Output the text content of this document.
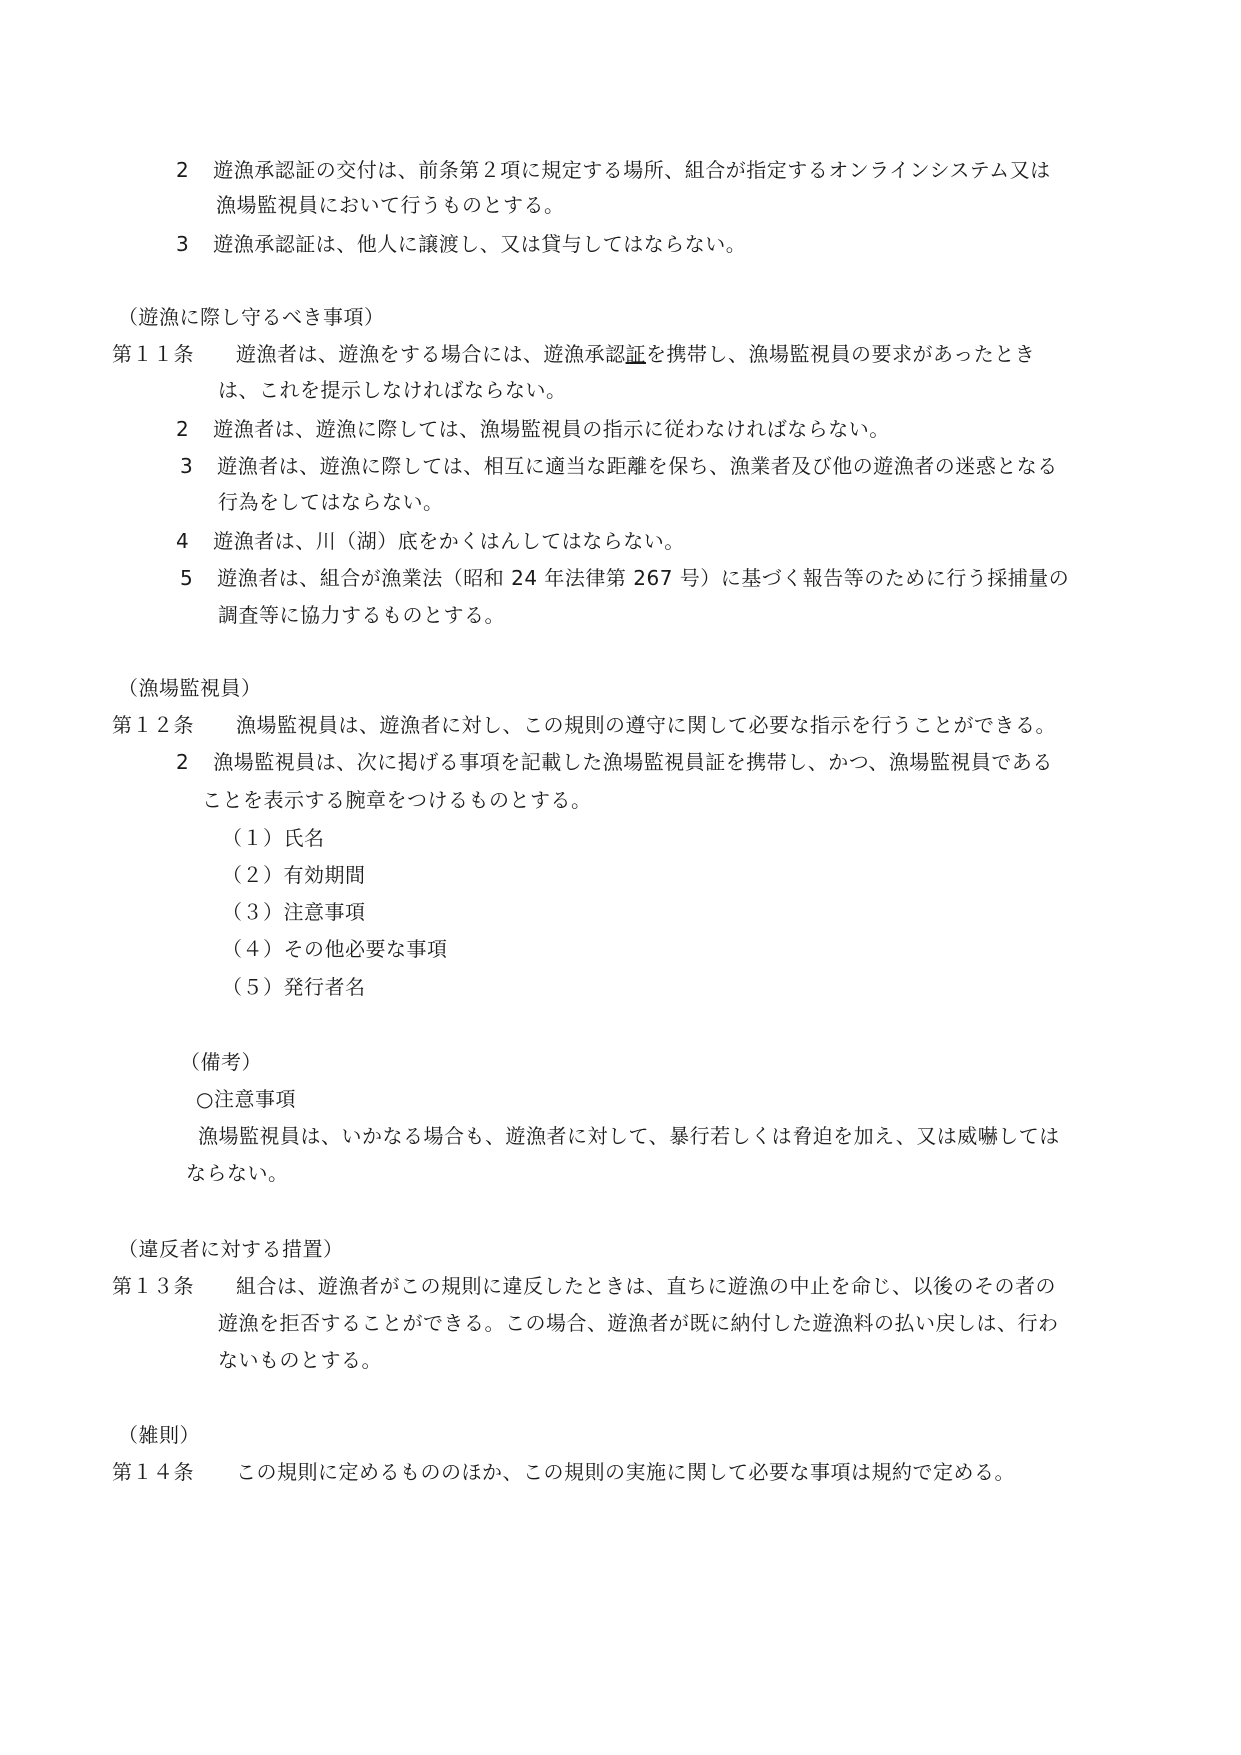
2 遊漁承認証の交付は、前条第２項に規定する場所、組合が指定するオンラインシステム又は
漁場監視員において行うものとする。
3 遊漁承認証は、他人に譲渡し、又は貸与してはならない。
（遊漁に際し守るべき事項）
第１１条 遊漁者は、遊漁をする場合には、遊漁承認証を携帯し、漁場監視員の要求があったとき
は、これを提示しなければならない。
2 遊漁者は、遊漁に際しては、漁場監視員の指示に従わなければならない。
3 遊漁者は、遊漁に際しては、相互に適当な距離を保ち、漁業者及び他の遊漁者の迷惑となる
行為をしてはならない。
4 遊漁者は、川（湖）底をかくはんしてはならない。
5 遊漁者は、組合が漁業法（昭和 24 年法律第 267 号）に基づく報告等のために行う採捕量の
調査等に協力するものとする。
（漁場監視員）
第１２条 漁場監視員は、遊漁者に対し、この規則の遵守に関して必要な指示を行うことができる。
2 漁場監視員は、次に掲げる事項を記載した漁場監視員証を携帯し、かつ、漁場監視員である
ことを表示する腕章をつけるものとする。
（１）氏名
（２）有効期間
（３）注意事項
（４）その他必要な事項
（５）発行者名
（備考）
○注意事項
漁場監視員は、いかなる場合も、遊漁者に対して、暴行若しくは脅迫を加え、又は威嚇しては
ならない。
（違反者に対する措置）
第１３条 組合は、遊漁者がこの規則に違反したときは、直ちに遊漁の中止を命じ、以後のその者の
遊漁を拒否することができる。この場合、遊漁者が既に納付した遊漁料の払い戻しは、行わ
ないものとする。
（雑則）
第１４条 この規則に定めるもののほか、この規則の実施に関して必要な事項は規約で定める。
